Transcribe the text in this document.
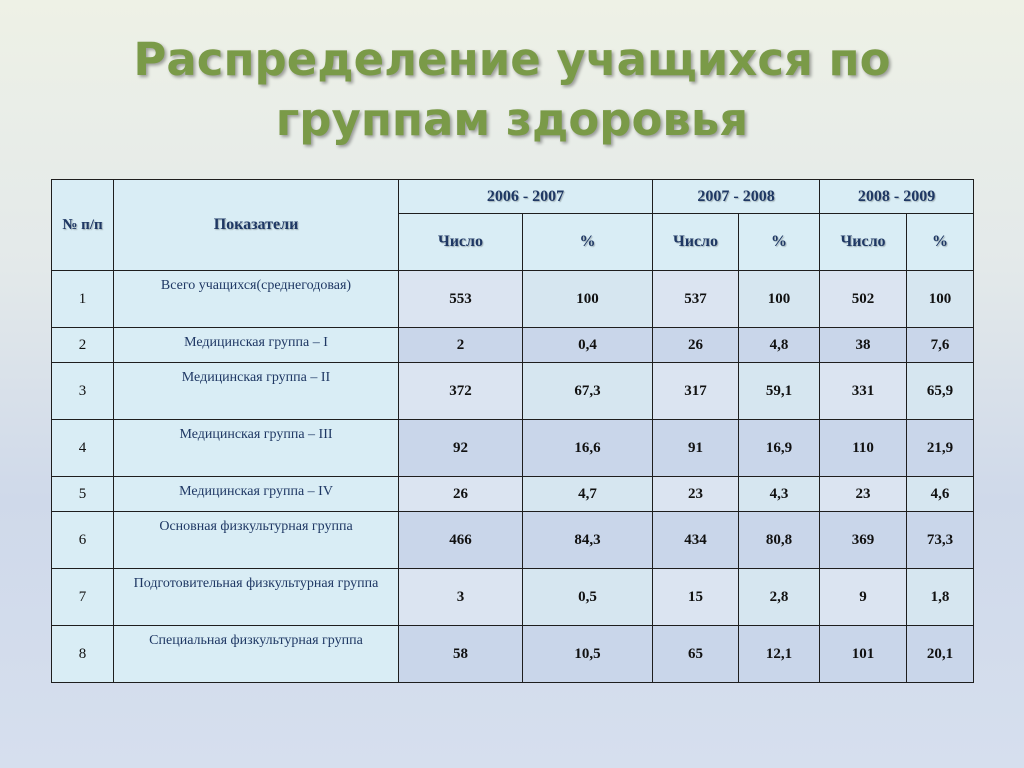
Распределение учащихся по
группам здоровья
№ п/п	Показатели	2006 - 2007		2007 - 2008		2008 - 2009	
		Число	%	Число	%	Число	%
1	Всего учащихся(среднегодовая)	553	100	537	100	502	100
2	Медицинская группа – I	2	0,4	26	4,8	38	7,6
3	Медицинская группа – II	372	67,3	317	59,1	331	65,9
4	Медицинская группа – III	92	16,6	91	16,9	110	21,9
5	Медицинская группа – IV	26	4,7	23	4,3	23	4,6
6	Основная физкультурная группа	466	84,3	434	80,8	369	73,3
7	Подготовительная физкультурная группа	3	0,5	15	2,8	9	1,8
8	Специальная физкультурная группа	58	10,5	65	12,1	101	20,1
